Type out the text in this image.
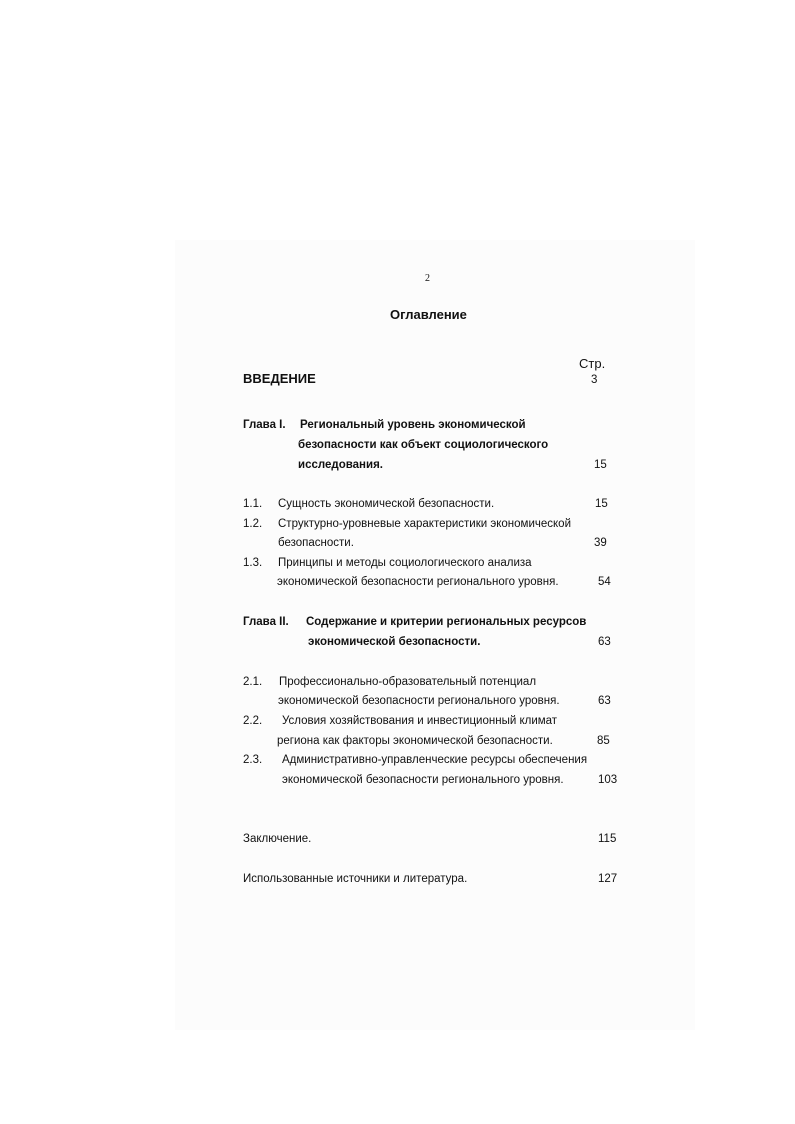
2
Оглавление
Стр.
ВВЕДЕНИЕ	3
Глава I. Региональный уровень экономической
безопасности как объект социологического
исследования.	15
1.1. Сущность экономической безопасности.	15
1.2. Структурно-уровневые характеристики экономической
безопасности.	39
1.3. Принципы и методы социологического анализа
экономической безопасности регионального уровня.	54
Глава II. Содержание и критерии региональных ресурсов
экономической безопасности.	63
2.1. Профессионально-образовательный потенциал
экономической безопасности регионального уровня.	63
2.2. Условия хозяйствования и инвестиционный климат
региона как факторы экономической безопасности.	85
2.3. Административно-управленческие ресурсы обеспечения
экономической безопасности регионального уровня.	103
Заключение.	115
Использованные источники и литература.	127
